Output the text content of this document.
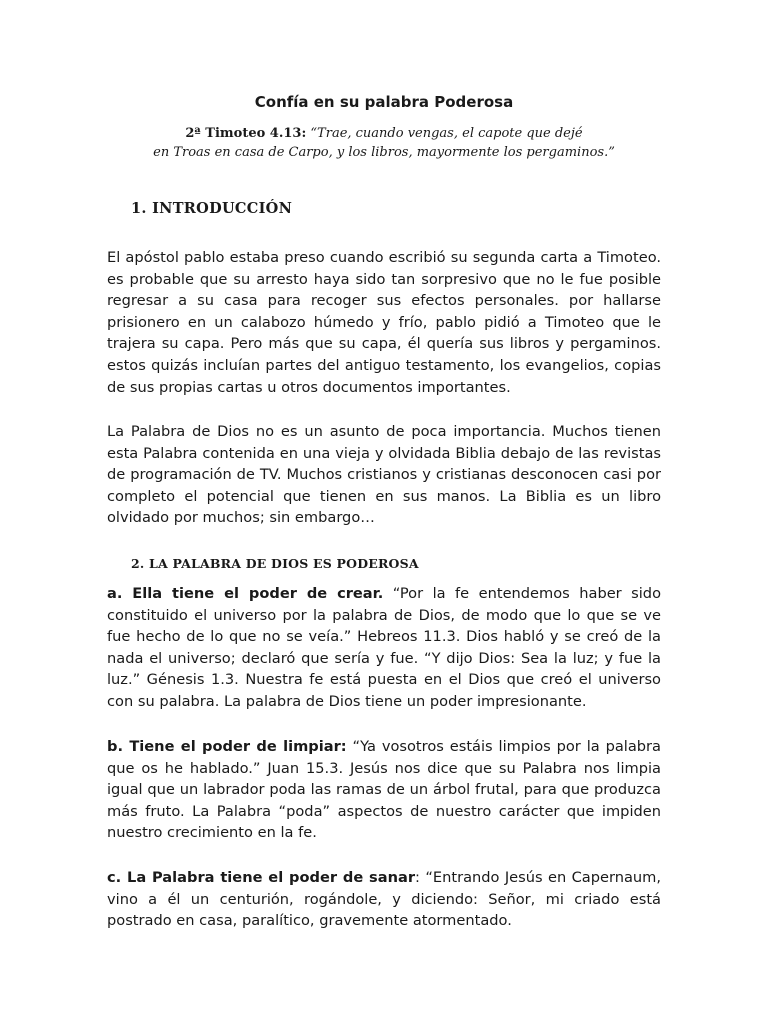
Confía en su palabra Poderosa

2ª Timoteo 4.13: “Trae, cuando vengas, el capote que dejé
en Troas en casa de Carpo, y los libros, mayormente los pergaminos.”

1. INTRODUCCIÓN

El apóstol pablo estaba preso cuando escribió su segunda carta a Timoteo. es probable que su arresto haya sido tan sorpresivo que no le fue posible regresar a su casa para recoger sus efectos personales. por hallarse prisionero en un calabozo húmedo y frío, pablo pidió a Timoteo que le trajera su capa. Pero más que su capa, él quería sus libros y pergaminos. estos quizás incluían partes del antiguo testamento, los evangelios, copias de sus propias cartas u otros documentos importantes.

La Palabra de Dios no es un asunto de poca importancia. Muchos tienen esta Palabra contenida en una vieja y olvidada Biblia debajo de las revistas de programación de TV. Muchos cristianos y cristianas desconocen casi por completo el potencial que tienen en sus manos. La Biblia es un libro olvidado por muchos; sin embargo…

2. LA PALABRA DE DIOS ES PODEROSA

a. Ella tiene el poder de crear. “Por la fe entendemos haber sido constituido el universo por la palabra de Dios, de modo que lo que se ve fue hecho de lo que no se veía.” Hebreos 11.3. Dios habló y se creó de la nada el universo; declaró que sería y fue. “Y dijo Dios: Sea la luz; y fue la luz.” Génesis 1.3. Nuestra fe está puesta en el Dios que creó el universo con su palabra. La palabra de Dios tiene un poder impresionante.

b. Tiene el poder de limpiar: “Ya vosotros estáis limpios por la palabra que os he hablado.” Juan 15.3. Jesús nos dice que su Palabra nos limpia igual que un labrador poda las ramas de un árbol frutal, para que produzca más fruto. La Palabra “poda” aspectos de nuestro carácter que impiden nuestro crecimiento en la fe.

c. La Palabra tiene el poder de sanar: “Entrando Jesús en Capernaum, vino a él un centurión, rogándole, y diciendo: Señor, mi criado está postrado en casa, paralítico, gravemente atormentado.
